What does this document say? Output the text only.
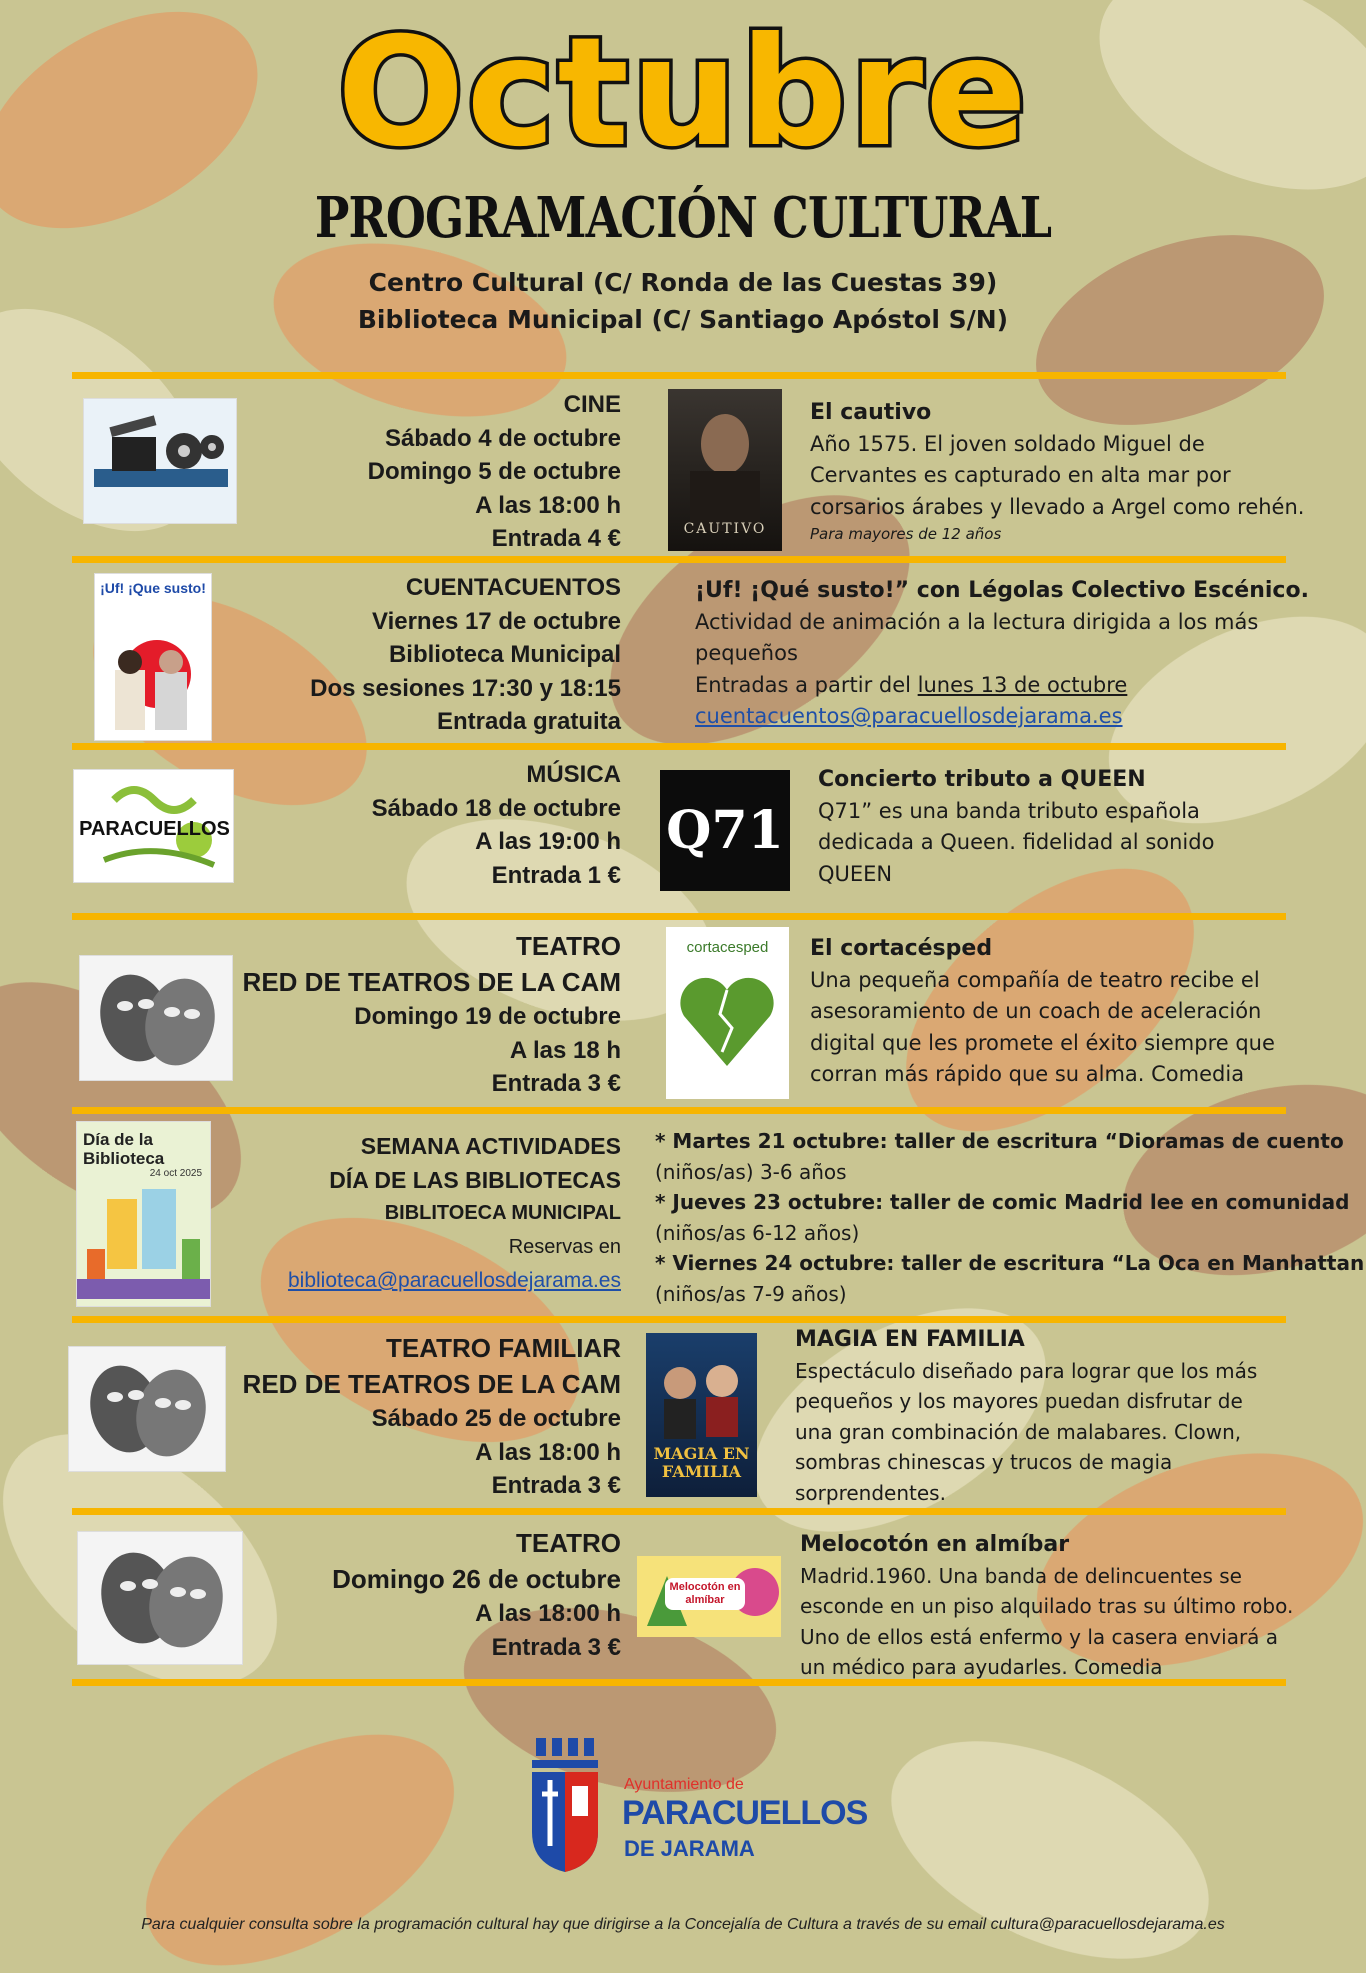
Octubre
PROGRAMACIÓN CULTURAL
Centro Cultural (C/ Ronda de las Cuestas 39)
Biblioteca Municipal (C/ Santiago Apóstol S/N)
CINE
Sábado 4 de octubre
Domingo 5 de octubre
A las 18:00 h
Entrada 4 €	CAUTIVO
El cautivo
Año 1575. El joven soldado Miguel de
Cervantes es capturado en alta mar por
corsarios árabes y llevado a Argel como rehén.
Para mayores de 12 años
¡Uf! ¡Que susto!	CUENTACUENTOS
Viernes 17 de octubre
Biblioteca Municipal
Dos sesiones 17:30 y 18:15
Entrada gratuita
¡Uf! ¡Qué susto!” con Légolas Colectivo Escénico.
Actividad de animación a la lectura dirigida a los más
pequeños
Entradas a partir del lunes 13 de octubre
cuentacuentos@paracuellosdejarama.es
PARACUELLOS
MÚSICA
Sábado 18 de octubre
A las 19:00 h
Entrada 1 €
Q71
Concierto tributo a QUEEN
Q71” es una banda tributo española
dedicada a Queen. fidelidad al sonido
QUEEN
TEATRO
RED DE TEATROS DE LA CAM
Domingo 19 de octubre
A las 18 h
Entrada 3 €
cortacesped	El cortacésped
Una pequeña compañía de teatro recibe el
asesoramiento de un coach de aceleración
digital que les promete el éxito siempre que
corran más rápido que su alma. Comedia
Día de la Biblioteca
24 oct 2025
SEMANA ACTIVIDADES
DÍA DE LAS BIBLIOTECAS
BIBLITOECA MUNICIPAL
Reservas en
biblioteca@paracuellosdejarama.es
* Martes 21 octubre: taller de escritura “Dioramas de cuento
(niños/as) 3-6 años
* Jueves 23 octubre: taller de comic Madrid lee en comunidad
(niños/as 6-12 años)
* Viernes 24 octubre: taller de escritura “La Oca en Manhattan
(niños/as 7-9 años)
TEATRO FAMILIAR
RED DE TEATROS DE LA CAM
Sábado 25 de octubre
A las 18:00 h
Entrada 3 €
MAGIA EN FAMILIA
MAGIA EN FAMILIA
Espectáculo diseñado para lograr que los más
pequeños y los mayores puedan disfrutar de
una gran combinación de malabares. Clown,
sombras chinescas y trucos de magia
sorprendentes.
TEATRO
Domingo 26 de octubre
A las 18:00 h
Entrada 3 €
Melocotón en almíbar
Melocotón en almíbar
Madrid.1960. Una banda de delincuentes se
esconde en un piso alquilado tras su último robo.
Uno de ellos está enfermo y la casera enviará a
un médico para ayudarles. Comedia
Ayuntamiento de
PARACUELLOS
DE JARAMA
Para cualquier consulta sobre la programación cultural hay que dirigirse a la Concejalía de Cultura a través de su email cultura@paracuellosdejarama.es
